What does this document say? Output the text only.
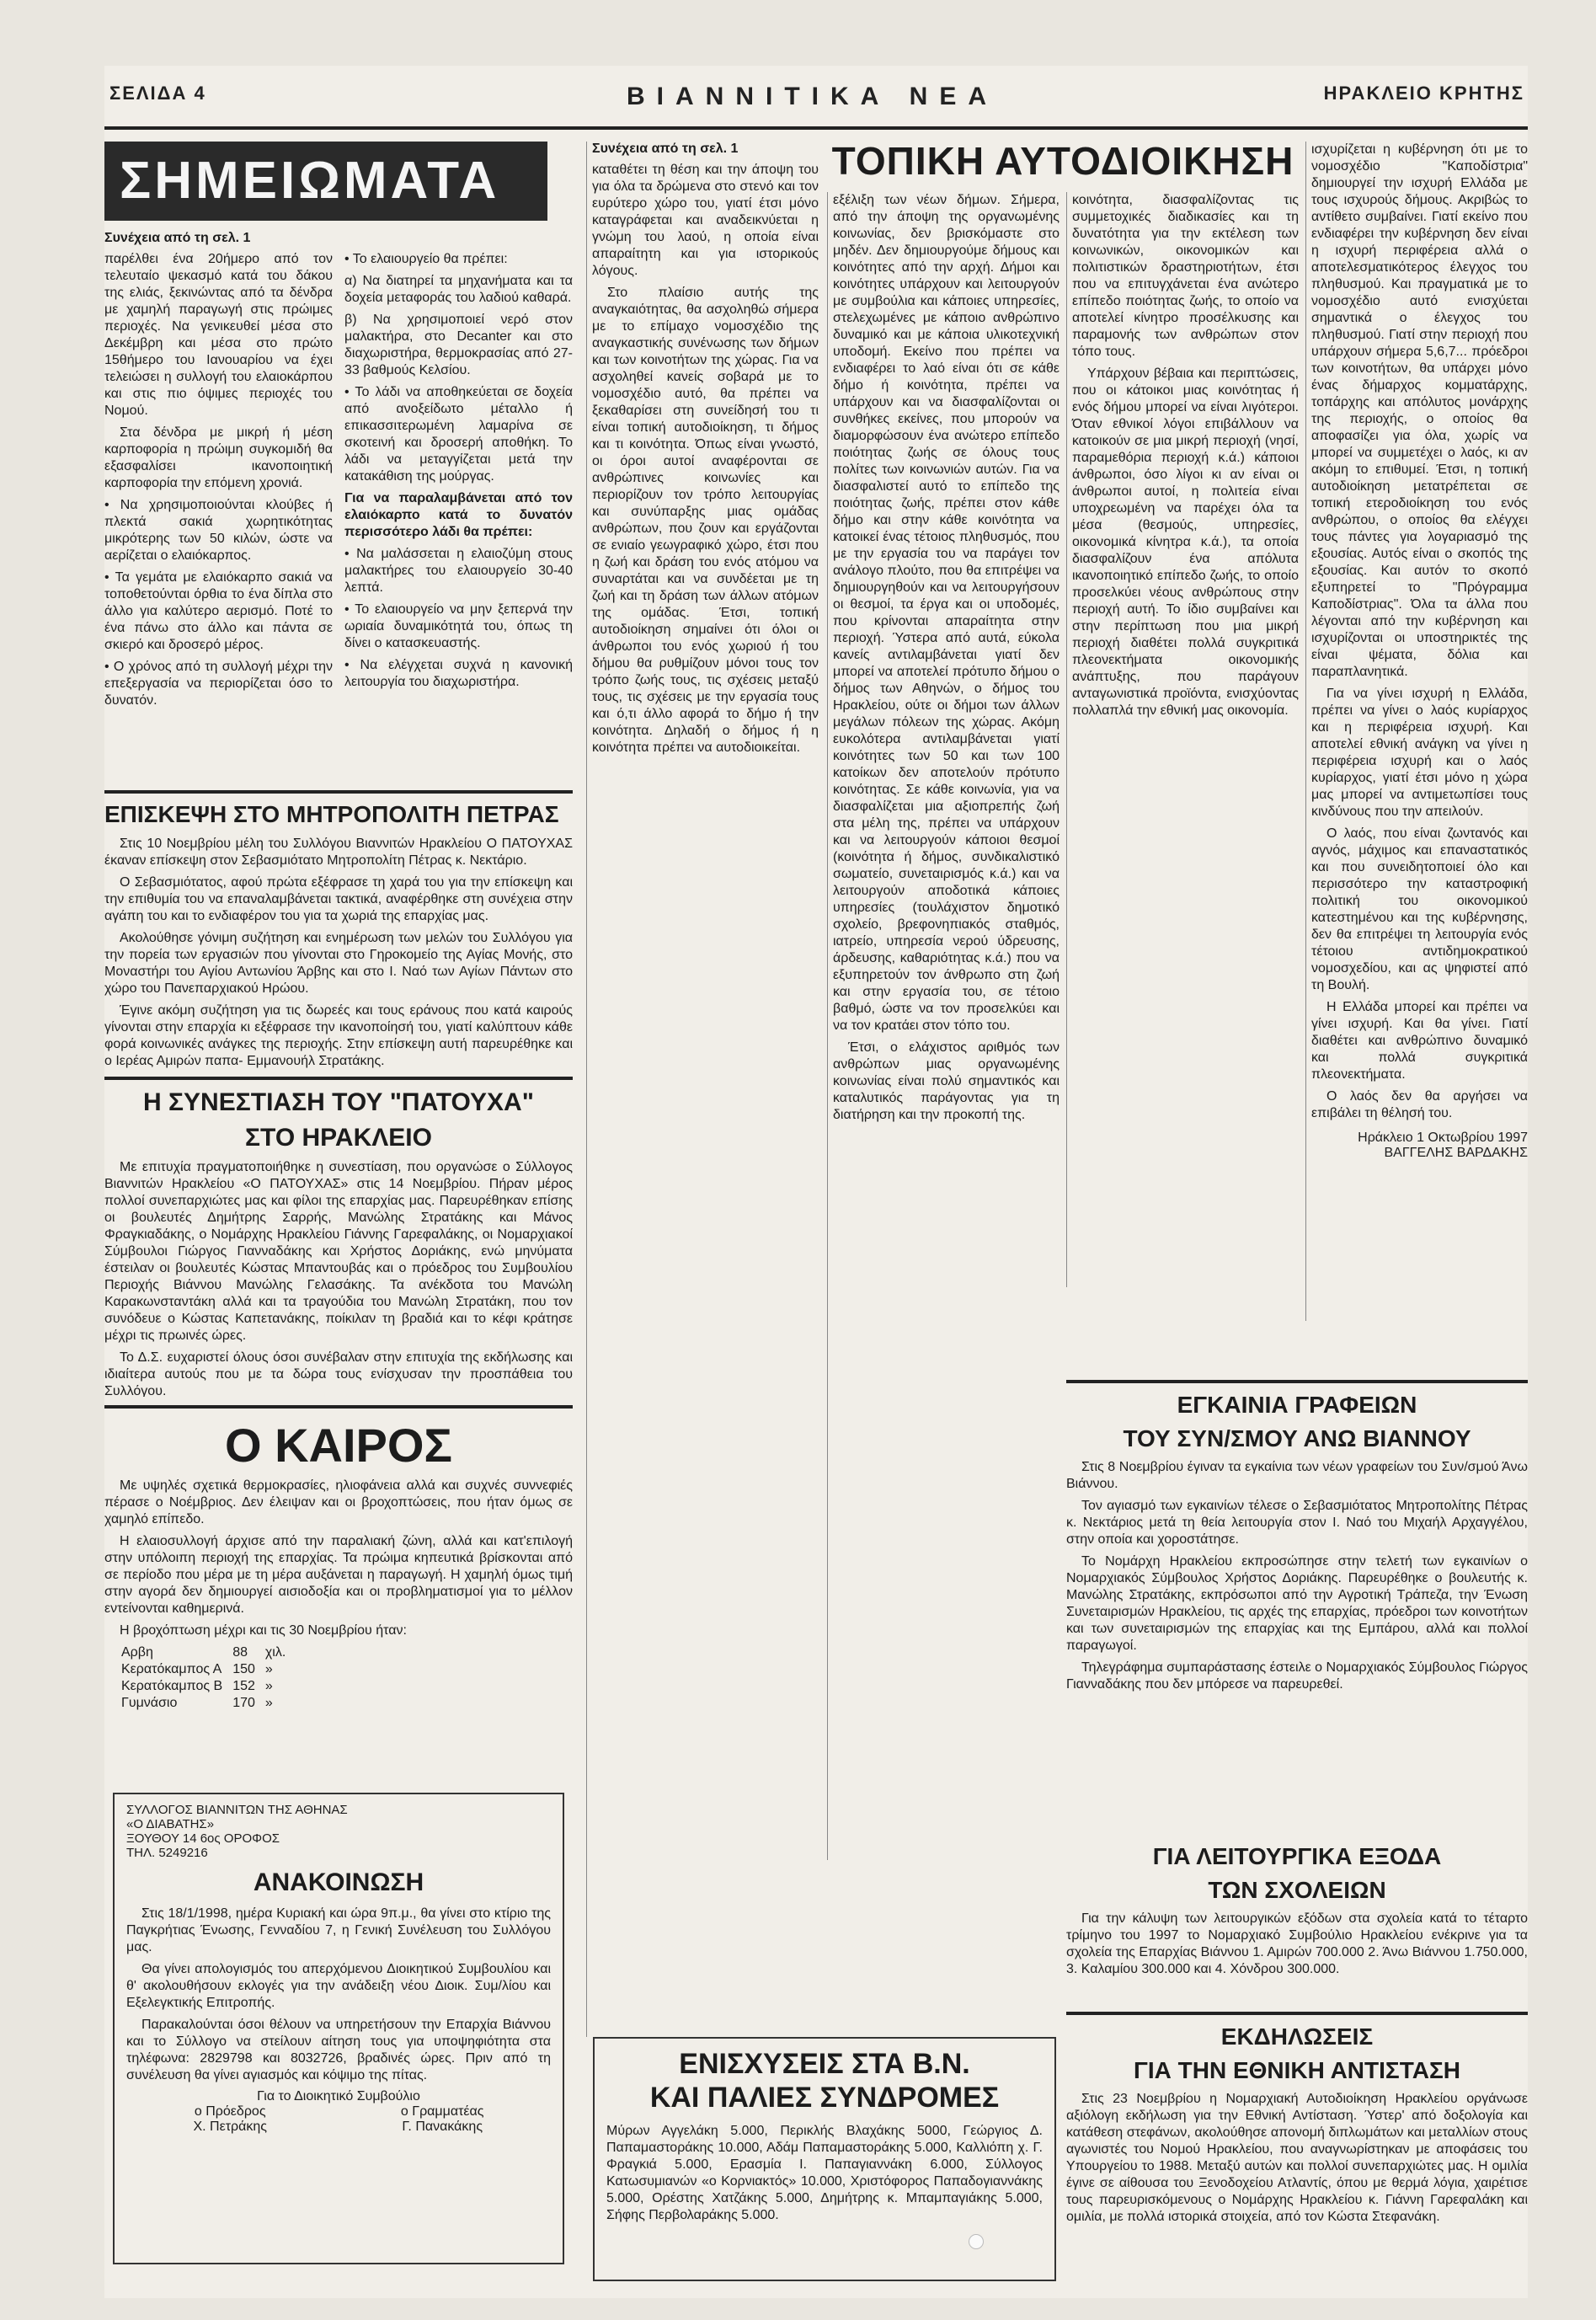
ΣΕΛΙΔΑ 4	ΒΙΑΝΝΙΤΙΚΑ ΝΕΑ	ΗΡΑΚΛΕΙΟ ΚΡΗΤΗΣ
ΣΗΜΕΙΩΜΑΤΑ
Συνέχεια από τη σελ. 1

παρέλθει ένα 20ήμερο από τον τελευταίο ψεκασμό κατά του δάκου της ελιάς, ξεκινώντας από τα δένδρα με χαμηλή παραγωγή στις πρώιμες περιοχές. Να γενικευθεί μέσα στο Δεκέμβρη και μέσα στο πρώτο 15θήμερο του Ιανουαρίου να έχει τελειώσει η συλλογή του ελαιοκάρπου και στις πιο όψιμες περιοχές του Νομού.

Στα δένδρα με μικρή ή μέση καρποφορία η πρώιμη συγκομιδή θα εξασφαλίσει ικανοποιητική καρποφορία την επόμενη χρονιά.

• Να χρησιμοποιούνται κλούβες ή πλεκτά σακιά χωρητικότητας μικρότερης των 50 κιλών, ώστε να αερίζεται ο ελαιόκαρπος.

• Τα γεμάτα με ελαιόκαρπο σακιά να τοποθετούνται όρθια το ένα δίπλα στο άλλο για καλύτερο αερισμό. Ποτέ το ένα πάνω στο άλλο και πάντα σε σκιερό και δροσερό μέρος.

• Ο χρόνος από τη συλλογή μέχρι την επεξεργασία να περιορίζεται όσο το δυνατόν.

• Το ελαιουργείο θα πρέπει:

α) Να διατηρεί τα μηχανήματα και τα δοχεία μεταφοράς του λαδιού καθαρά.

β) Να χρησιμοποιεί νερό στον μαλακτήρα, στο Decanter και στο διαχωριστήρα, θερμοκρασίας από 27-33 βαθμούς Κελσίου.

• Το λάδι να αποθηκεύεται σε δοχεία από ανοξείδωτο μέταλλο ή επικασσιτερωμένη λαμαρίνα σε σκοτεινή και δροσερή αποθήκη. Το λάδι να μεταγγίζεται μετά την κατακάθιση της μούργας.

Για να παραλαμβάνεται από τον ελαιόκαρπο κατά το δυνατόν περισσότερο λάδι θα πρέπει:

• Να μαλάσσεται η ελαιοζύμη στους μαλακτήρες του ελαιουργείο 30-40 λεπτά.

• Το ελαιουργείο να μην ξεπερνά την ωριαία δυναμικότητά του, όπως τη δίνει ο κατασκευαστής.

• Να ελέγχεται συχνά η κανονική λειτουργία του διαχωριστήρα.

ΕΠΙΣΚΕΨΗ ΣΤΟ ΜΗΤΡΟΠΟΛΙΤΗ ΠΕΤΡΑΣ

Στις 10 Νοεμβρίου μέλη του Συλλόγου Βιαννιτών Ηρακλείου Ο ΠΑΤΟΥΧΑΣ έκαναν επίσκεψη στον Σεβασμιότατο Μητροπολίτη Πέτρας κ. Νεκτάριο.

Ο Σεβασμιότατος, αφού πρώτα εξέφρασε τη χαρά του για την επίσκεψη και την επιθυμία του να επαναλαμβάνεται τακτικά, αναφέρθηκε στη συνέχεια στην αγάπη του και το ενδιαφέρον του για τα χωριά της επαρχίας μας.

Ακολούθησε γόνιμη συζήτηση και ενημέρωση των μελών του Συλλόγου για την πορεία των εργασιών που γίνονται στο Γηροκομείο της Αγίας Μονής, στο Μοναστήρι του Αγίου Αντωνίου Άρβης και στο Ι. Ναό των Αγίων Πάντων στο χώρο του Πανεπαρχιακού Ηρώου.

Έγινε ακόμη συζήτηση για τις δωρεές και τους εράνους που κατά καιρούς γίνονται στην επαρχία κι εξέφρασε την ικανοποίησή του, γιατί καλύπτουν κάθε φορά κοινωνικές ανάγκες της περιοχής. Στην επίσκεψη αυτή παρευρέθηκε και ο Ιερέας Αμιρών παπα- Εμμανουήλ Στρατάκης.

Η ΣΥΝΕΣΤΙΑΣΗ ΤΟΥ "ΠΑΤΟΥΧΑ"
ΣΤΟ ΗΡΑΚΛΕΙΟ

Με επιτυχία πραγματοποιήθηκε η συνεστίαση, που οργανώσε ο Σύλλογος Βιαννιτών Ηρακλείου «Ο ΠΑΤΟΥΧΑΣ» στις 14 Νοεμβρίου. Πήραν μέρος πολλοί συνεπαρχιώτες μας και φίλοι της επαρχίας μας. Παρευρέθηκαν επίσης οι βουλευτές Δημήτρης Σαρρής, Μανώλης Στρατάκης και Μάνος Φραγκιαδάκης, ο Νομάρχης Ηρακλείου Γιάννης Γαρεφαλάκης, οι Νομαρχιακοί Σύμβουλοι Γιώργος Γιανναδάκης και Χρήστος Δοριάκης, ενώ μηνύματα έστειλαν οι βουλευτές Κώστας Μπαντουβάς και ο πρόεδρος του Συμβουλίου Περιοχής Βιάννου Μανώλης Γελασάκης. Τα ανέκδοτα του Μανώλη Καρακωνσταντάκη αλλά και τα τραγούδια του Μανώλη Στρατάκη, που τον συνόδευε ο Κώστας Καπετανάκης, ποίκιλαν τη βραδιά και το κέφι κράτησε μέχρι τις πρωινές ώρες.

Το Δ.Σ. ευχαριστεί όλους όσοι συνέβαλαν στην επιτυχία της εκδήλωσης και ιδιαίτερα αυτούς που με τα δώρα τους ενίσχυσαν την προσπάθεια του Συλλόγου.

Ο ΚΑΙΡΟΣ

Με υψηλές σχετικά θερμοκρασίες, ηλιοφάνεια αλλά και συχνές συννεφιές πέρασε ο Νοέμβριος. Δεν έλειψαν και οι βροχοπτώσεις, που ήταν όμως σε χαμηλό επίπεδο.

Η ελαιοσυλλογή άρχισε από την παραλιακή ζώνη, αλλά και κατ'επιλογή στην υπόλοιπη περιοχή της επαρχίας. Τα πρώιμα κηπευτικά βρίσκονται από σε περίοδο που μέρα με τη μέρα αυξάνεται η παραγωγή. Η χαμηλή όμως τιμή στην αγορά δεν δημιουργεί αισιοδοξία και οι προβληματισμοί για το μέλλον εντείνονται καθημερινά.

Η βροχόπτωση μέχρι και τις 30 Νοεμβρίου ήταν:

Αρβη	88	χιλ.
Κερατόκαμπος Α	150	»
Κερατόκαμπος Β	152	»
Γυμνάσιο	170	»
ΣΥΛΛΟΓΟΣ ΒΙΑΝΝΙΤΩΝ ΤΗΣ ΑΘΗΝΑΣ
«Ο ΔΙΑΒΑΤΗΣ»
ΞΟΥΘΟΥ 14 6ος ΟΡΟΦΟΣ
ΤΗΛ. 5249216
ΑΝΑΚΟΙΝΩΣΗ

Στις 18/1/1998, ημέρα Κυριακή και ώρα 9π.μ., θα γίνει στο κτίριο της Παγκρήτιας Ένωσης, Γενναδίου 7, η Γενική Συνέλευση του Συλλόγου μας.

Θα γίνει απολογισμός του απερχόμενου Διοικητικού Συμβουλίου και θ' ακολουθήσουν εκλογές για την ανάδειξη νέου Διοικ. Συμ/λίου και Εξελεγκτικής Επιτροπής.

Παρακαλούνται όσοι θέλουν να υπηρετήσουν την Επαρχία Βιάννου και το Σύλλογο να στείλουν αίτηση τους για υποψηφιότητα στα τηλέφωνα: 2829798 και 8032726, βραδινές ώρες. Πριν από τη συνέλευση θα γίνει αγιασμός και κόψιμο της πίτας.

Για το Διοικητικό Συμβούλιο
ο Πρόεδρος
Χ. Πετράκης
ο Γραμματέας
Γ. Πανακάκης
Συνέχεια από τη σελ. 1

καταθέτει τη θέση και την άποψη του για όλα τα δρώμενα στο στενό και τον ευρύτερο χώρο του, γιατί έτσι μόνο καταγράφεται και αναδεικνύεται η γνώμη του λαού, η οποία είναι απαραίτητη και για ιστορικούς λόγους.

Στο πλαίσιο αυτής της αναγκαιότητας, θα ασχοληθώ σήμερα με το επίμαχο νομοσχέδιο της αναγκαστικής συνένωσης των δήμων και των κοινοτήτων της χώρας. Για να ασχοληθεί κανείς σοβαρά με το νομοσχέδιο αυτό, θα πρέπει να ξεκαθαρίσει στη συνείδησή του τι είναι τοπική αυτοδιοίκηση, τι δήμος και τι κοινότητα. Όπως είναι γνωστό, οι όροι αυτοί αναφέρονται σε ανθρώπινες κοινωνίες και περιορίζουν τον τρόπο λειτουργίας και συνύπαρξης μιας ομάδας ανθρώπων, που ζουν και εργάζονται σε ενιαίο γεωγραφικό χώρο, έτσι που η ζωή και δράση του ενός ατόμου να συναρτάται και να συνδέεται με τη ζωή και τη δράση των άλλων ατόμων της ομάδας. Έτσι, τοπική αυτοδιοίκηση σημαίνει ότι όλοι οι άνθρωποι του ενός χωριού ή του δήμου θα ρυθμίζουν μόνοι τους τον τρόπο ζωής τους, τις σχέσεις μεταξύ τους, τις σχέσεις με την εργασία τους και ό,τι άλλο αφορά το δήμο ή την κοινότητα. Δηλαδή ο δήμος ή η κοινότητα πρέπει να αυτοδιοικείται.

ΤΟΠΙΚΗ ΑΥΤΟΔΙΟΙΚΗΣΗ

εξέλιξη των νέων δήμων. Σήμερα, από την άποψη της οργανωμένης κοινωνίας, δεν βρισκόμαστε στο μηδέν. Δεν δημιουργούμε δήμους και κοινότητες από την αρχή. Δήμοι και κοινότητες υπάρχουν και λειτουργούν με συμβούλια και κάποιες υπηρεσίες, στελεχωμένες με κάποιο ανθρώπινο δυναμικό και με κάποια υλικοτεχνική υποδομή. Εκείνο που πρέπει να ενδιαφέρει το λαό είναι ότι σε κάθε δήμο ή κοινότητα, πρέπει να υπάρχουν και να διασφαλίζονται οι συνθήκες εκείνες, που μπορούν να διαμορφώσουν ένα ανώτερο επίπεδο ποιότητας ζωής σε όλους τους πολίτες των κοινωνιών αυτών. Για να διασφαλιστεί αυτό το επίπεδο της ποιότητας ζωής, πρέπει στον κάθε δήμο και στην κάθε κοινότητα να κατοικεί ένας τέτοιος πληθυσμός, που με την εργασία του να παράγει τον ανάλογο πλούτο, που θα επιτρέψει να δημιουργηθούν και να λειτουργήσουν οι θεσμοί, τα έργα και οι υποδομές, που κρίνονται απαραίτητα στην περιοχή. Ύστερα από αυτά, εύκολα κανείς αντιλαμβάνεται γιατί δεν μπορεί να αποτελεί πρότυπο δήμου ο δήμος των Αθηνών, ο δήμος του Ηρακλείου, ούτε οι δήμοι των άλλων μεγάλων πόλεων της χώρας. Ακόμη ευκολότερα αντιλαμβάνεται γιατί κοινότητες των 50 και των 100 κατοίκων δεν αποτελούν πρότυπο κοινότητας. Σε κάθε κοινωνία, για να διασφαλίζεται μια αξιοπρεπής ζωή στα μέλη της, πρέπει να υπάρχουν και να λειτουργούν κάποιοι θεσμοί (κοινότητα ή δήμος, συνδικαλιστικό σωματείο, συνεταιρισμός κ.ά.) και να λειτουργούν αποδοτικά κάποιες υπηρεσίες (τουλάχιστον δημοτικό σχολείο, βρεφονηπιακός σταθμός, ιατρείο, υπηρεσία νερού ύδρευσης, άρδευσης, καθαριότητας κ.ά.) που να εξυπηρετούν τον άνθρωπο στη ζωή και στην εργασία του, σε τέτοιο βαθμό, ώστε να τον προσελκύει και να τον κρατάει στον τόπο του.

Έτσι, ο ελάχιστος αριθμός των ανθρώπων μιας οργανωμένης κοινωνίας είναι πολύ σημαντικός και καταλυτικός παράγοντας για τη διατήρηση και την προκοπή της.

κοινότητα, διασφαλίζοντας τις συμμετοχικές διαδικασίες και τη δυνατότητα για την εκτέλεση των κοινωνικών, οικονομικών και πολιτιστικών δραστηριοτήτων, έτσι που να επιτυγχάνεται ένα ανώτερο επίπεδο ποιότητας ζωής, το οποίο να αποτελεί κίνητρο προσέλκυσης και παραμονής των ανθρώπων στον τόπο τους.

Υπάρχουν βέβαια και περιπτώσεις, που οι κάτοικοι μιας κοινότητας ή ενός δήμου μπορεί να είναι λιγότεροι. Όταν εθνικοί λόγοι επιβάλλουν να κατοικούν σε μια μικρή περιοχή (νησί, παραμεθόρια περιοχή κ.ά.) κάποιοι άνθρωποι, όσο λίγοι κι αν είναι οι άνθρωποι αυτοί, η πολιτεία είναι υποχρεωμένη να παρέχει όλα τα μέσα (θεσμούς, υπηρεσίες, οικονομικά κίνητρα κ.ά.), τα οποία διασφαλίζουν ένα απόλυτα ικανοποιητικό επίπεδο ζωής, το οποίο προσελκύει νέους ανθρώπους στην περιοχή αυτή. Το ίδιο συμβαίνει και στην περίπτωση που μια μικρή περιοχή διαθέτει πολλά συγκριτικά πλεονεκτήματα οικονομικής ανάπτυξης, που παράγουν ανταγωνιστικά προϊόντα, ενισχύοντας πολλαπλά την εθνική μας οικονομία.

ισχυρίζεται η κυβέρνηση ότι με το νομοσχέδιο "Καποδίστρια" δημιουργεί την ισχυρή Ελλάδα με τους ισχυρούς δήμους. Ακριβώς το αντίθετο συμβαίνει. Γιατί εκείνο που ενδιαφέρει την κυβέρνηση δεν είναι η ισχυρή περιφέρεια αλλά ο αποτελεσματικότερος έλεγχος του πληθυσμού. Και πραγματικά με το νομοσχέδιο αυτό ενισχύεται σημαντικά ο έλεγχος του πληθυσμού. Γιατί στην περιοχή που υπάρχουν σήμερα 5,6,7... πρόεδροι των κοινοτήτων, θα υπάρχει μόνο ένας δήμαρχος κομματάρχης, τοπάρχης και απόλυτος μονάρχης της περιοχής, ο οποίος θα αποφασίζει για όλα, χωρίς να μπορεί να συμμετέχει ο λαός, κι αν ακόμη το επιθυμεί. Έτσι, η τοπική αυτοδιοίκηση μετατρέπεται σε τοπική ετεροδιοίκηση του ενός ανθρώπου, ο οποίος θα ελέγχει τους πάντες για λογαριασμό της εξουσίας. Αυτός είναι ο σκοπός της εξουσίας. Και αυτόν το σκοπό εξυπηρετεί το "Πρόγραμμα Καποδίστριας". Όλα τα άλλα που λέγονται από την κυβέρνηση και ισχυρίζονται οι υποστηρικτές της είναι ψέματα, δόλια και παραπλανητικά.

Για να γίνει ισχυρή η Ελλάδα, πρέπει να γίνει ο λαός κυρίαρχος και η περιφέρεια ισχυρή. Και αποτελεί εθνική ανάγκη να γίνει η περιφέρεια ισχυρή και ο λαός κυρίαρχος, γιατί έτσι μόνο η χώρα μας μπορεί να αντιμετωπίσει τους κινδύνους που την απειλούν.

Ο λαός, που είναι ζωντανός και αγνός, μάχιμος και επαναστατικός και που συνειδητοποιεί όλο και περισσότερο την καταστροφική πολιτική του οικονομικού κατεστημένου και της κυβέρνησης, δεν θα επιτρέψει τη λειτουργία ενός τέτοιου αντιδημοκρατικού νομοσχεδίου, και ας ψηφιστεί από τη Βουλή.

Η Ελλάδα μπορεί και πρέπει να γίνει ισχυρή. Και θα γίνει. Γιατί διαθέτει και ανθρώπινο δυναμικό και πολλά συγκριτικά πλεονεκτήματα.

Ο λαός δεν θα αργήσει να επιβάλει τη θέλησή του.

Ηράκλειο 1 Οκτωβρίου 1997
ΒΑΓΓΕΛΗΣ ΒΑΡΔΑΚΗΣ
ΕΓΚΑΙΝΙΑ ΓΡΑΦΕΙΩΝ
ΤΟΥ ΣΥΝ/ΣΜΟΥ ΑΝΩ ΒΙΑΝΝΟΥ

Στις 8 Νοεμβρίου έγιναν τα εγκαίνια των νέων γραφείων του Συν/σμού Άνω Βιάννου.

Τον αγιασμό των εγκαινίων τέλεσε ο Σεβασμιότατος Μητροπολίτης Πέτρας κ. Νεκτάριος μετά τη θεία λειτουργία στον Ι. Ναό του Μιχαήλ Αρχαγγέλου, στην οποία και χοροστάτησε.

Το Νομάρχη Ηρακλείου εκπροσώπησε στην τελετή των εγκαινίων ο Νομαρχιακός Σύμβουλος Χρήστος Δοριάκης. Παρευρέθηκε ο βουλευτής κ. Μανώλης Στρατάκης, εκπρόσωποι από την Αγροτική Τράπεζα, την Ένωση Συνεταιρισμών Ηρακλείου, τις αρχές της επαρχίας, πρόεδροι των κοινοτήτων και των συνεταιρισμών της επαρχίας και της Εμπάρου, αλλά και πολλοί παραγωγοί.

Τηλεγράφημα συμπαράστασης έστειλε ο Νομαρχιακός Σύμβουλος Γιώργος Γιανναδάκης που δεν μπόρεσε να παρευρεθεί.

ΓΙΑ ΛΕΙΤΟΥΡΓΙΚΑ ΕΞΟΔΑ
ΤΩΝ ΣΧΟΛΕΙΩΝ

Για την κάλυψη των λειτουργικών εξόδων στα σχολεία κατά το τέταρτο τρίμηνο του 1997 το Νομαρχιακό Συμβούλιο Ηρακλείου ενέκρινε για τα σχολεία της Επαρχίας Βιάννου 1. Αμιρών 700.000 2. Άνω Βιάννου 1.750.000, 3. Καλαμίου 300.000 και 4. Χόνδρου 300.000.

ΕΚΔΗΛΩΣΕΙΣ
ΓΙΑ ΤΗΝ ΕΘΝΙΚΗ ΑΝΤΙΣΤΑΣΗ

Στις 23 Νοεμβρίου η Νομαρχιακή Αυτοδιοίκηση Ηρακλείου οργάνωσε αξιόλογη εκδήλωση για την Εθνική Αντίσταση. Ύστερ' από δοξολογία και κατάθεση στεφάνων, ακολούθησε απονομή διπλωμάτων και μεταλλίων στους αγωνιστές του Νομού Ηρακλείου, που αναγνωρίστηκαν με αποφάσεις του Υπουργείου το 1988. Μεταξύ αυτών και πολλοί συνεπαρχιώτες μας. Η ομιλία έγινε σε αίθουσα του Ξενοδοχείου Ατλαντίς, όπου με θερμά λόγια, χαιρέτισε τους παρευρισκόμενους ο Νομάρχης Ηρακλείου κ. Γιάννη Γαρεφαλάκη και ομιλία, με πολλά ιστορικά στοιχεία, από τον Κώστα Στεφανάκη.

ΕΝΙΣΧΥΣΕΙΣ ΣΤΑ Β.Ν.
ΚΑΙ ΠΑΛΙΕΣ ΣΥΝΔΡΟΜΕΣ

Μύρων Αγγελάκη 5.000, Περικλής Βλαχάκης 5000, Γεώργιος Δ. Παπαμαστοράκης 10.000, Αδάμ Παπαμαστοράκης 5.000, Καλλιόπη χ. Γ. Φραγκιά 5.000, Ερασμία Ι. Παπαγιαννάκη 6.000, Σύλλογος Κατωσυμιανών «ο Κορνιακτός» 10.000, Χριστόφορος Παπαδογιαννάκης 5.000, Ορέστης Χατζάκης 5.000, Δημήτρης κ. Μπαμπαγιάκης 5.000, Σήφης Περβολαράκης 5.000.
